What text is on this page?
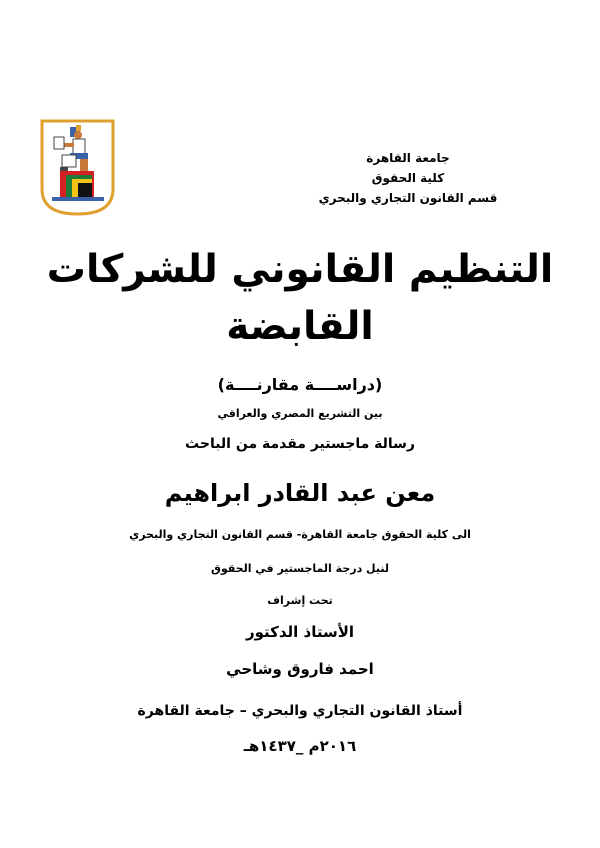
جامعة القاهرة
كلية الحقوق
قسم القانون التجاري والبحري
التنظيم القانوني للشركات
القابضة
(دراســــة مقارنــــة)
بين التشريع المصري والعراقي
رسالة ماجستير مقدمة من الباحث
معن عبد القادر ابراهيم
الى كلية الحقوق جامعة القاهرة- قسم القانون التجاري والبحري
لنيل درجة الماجستير في الحقوق
تحت إشراف
الأستاذ الدكتور
احمد فاروق وشاحي
أستاذ القانون التجاري والبحري – جامعة القاهرة
٢٠١٦م _١٤٣٧هـ
